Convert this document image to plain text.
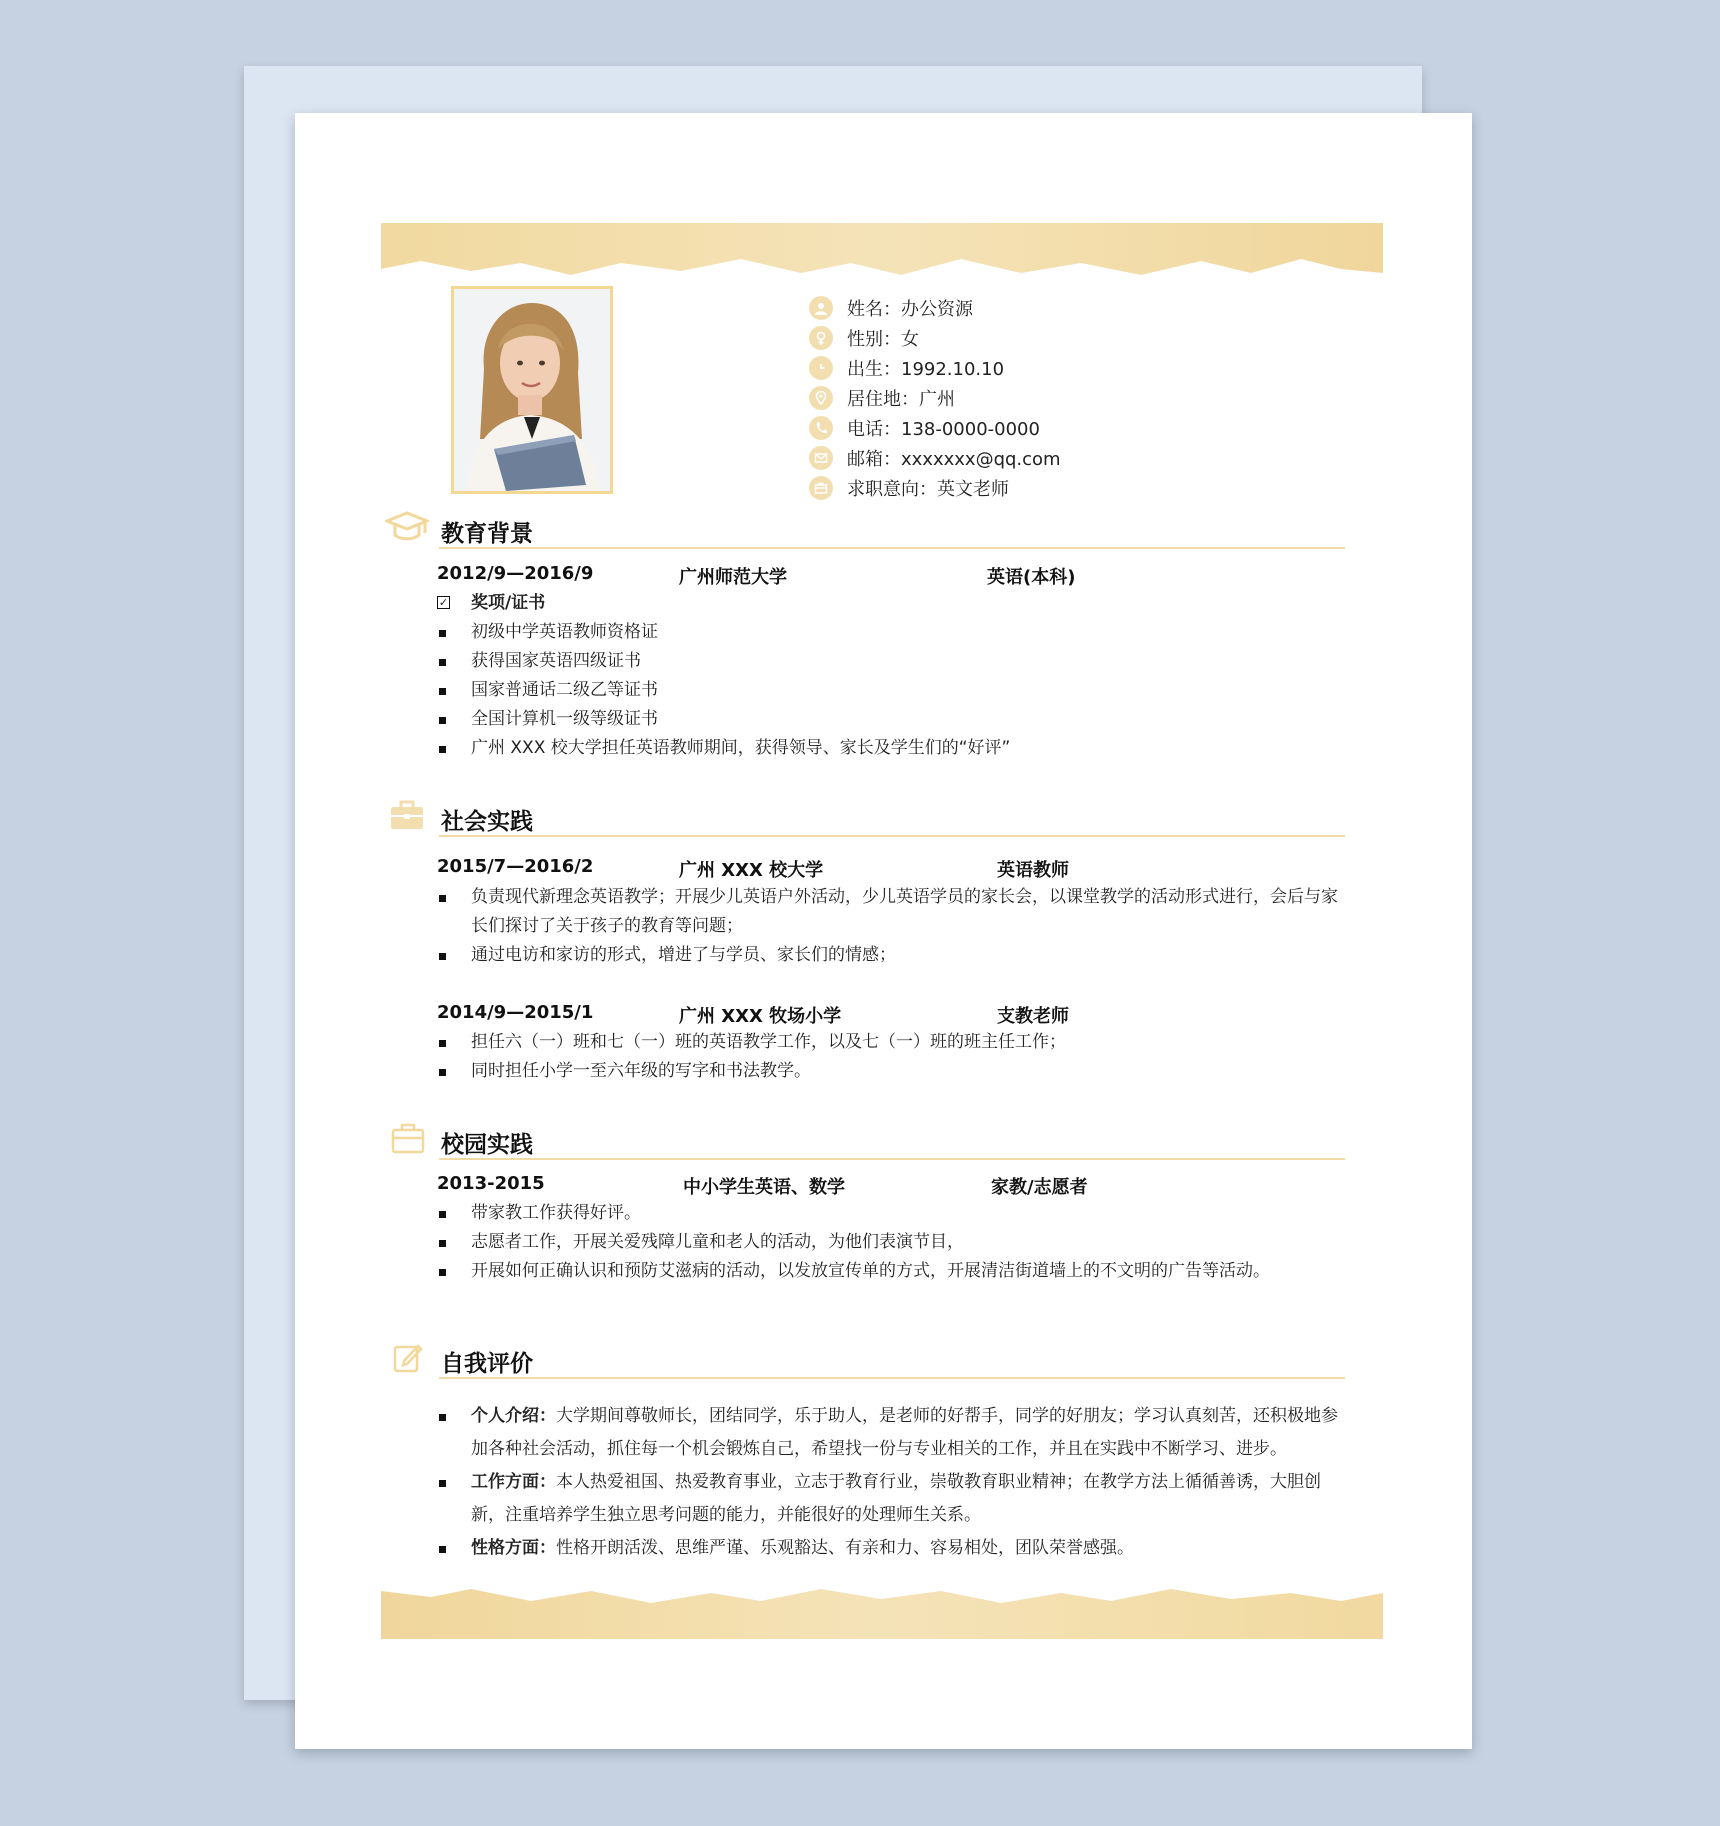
姓名：办公资源
性别：女
出生：1992.10.10
居住地：广州
电话：138-0000-0000
邮箱：xxxxxxx@qq.com
求职意向：英文老师
教育背景
2012/9—2016/9	广州师范大学	英语(本科)
✓ 奖项/证书
初级中学英语教师资格证
获得国家英语四级证书
国家普通话二级乙等证书
全国计算机一级等级证书
广州 XXX 校大学担任英语教师期间，获得领导、家长及学生们的“好评”
社会实践
2015/7—2016/2	广州 XXX 校大学	英语教师
负责现代新理念英语教学；开展少儿英语户外活动，少儿英语学员的家长会，以课堂教学的活动形式进行，会后与家长们探讨了关于孩子的教育等问题；
通过电访和家访的形式，增进了与学员、家长们的情感；
2014/9—2015/1	广州 XXX 牧场小学	支教老师
担任六（一）班和七（一）班的英语教学工作，以及七（一）班的班主任工作；
同时担任小学一至六年级的写字和书法教学。
校园实践
2013-2015	中小学生英语、数学	家教/志愿者
带家教工作获得好评。
志愿者工作，开展关爱残障儿童和老人的活动，为他们表演节目，
开展如何正确认识和预防艾滋病的活动，以发放宣传单的方式，开展清洁街道墙上的不文明的广告等活动。
自我评价
个人介绍：大学期间尊敬师长，团结同学，乐于助人，是老师的好帮手，同学的好朋友；学习认真刻苦，还积极地参加各种社会活动，抓住每一个机会锻炼自己，希望找一份与专业相关的工作，并且在实践中不断学习、进步。
工作方面：本人热爱祖国、热爱教育事业，立志于教育行业，崇敬教育职业精神；在教学方法上循循善诱，大胆创新，注重培养学生独立思考问题的能力，并能很好的处理师生关系。
性格方面：性格开朗活泼、思维严谨、乐观豁达、有亲和力、容易相处，团队荣誉感强。
